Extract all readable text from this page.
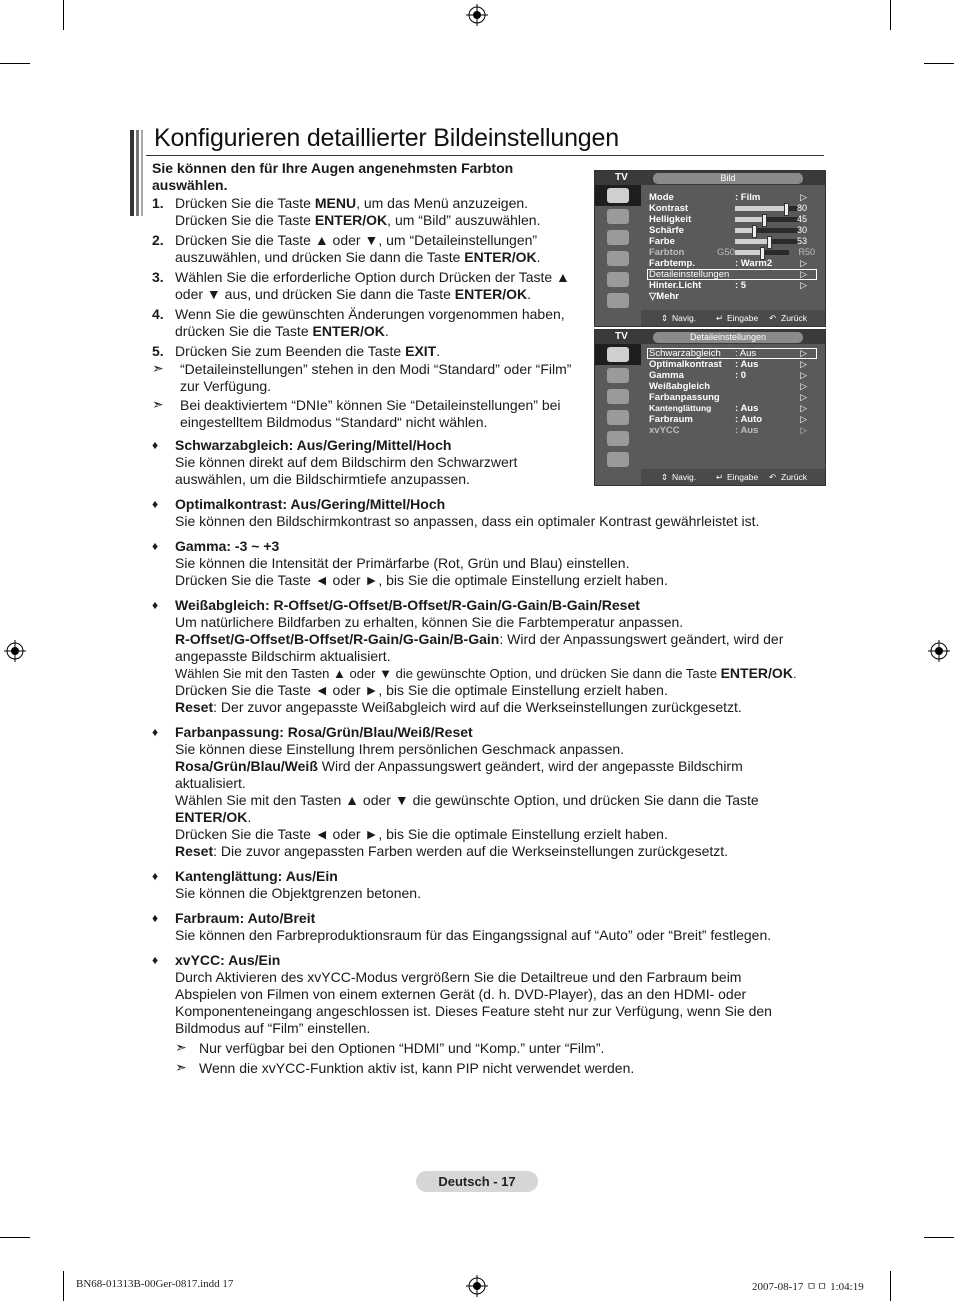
Konfigurieren detaillierter Bildeinstellungen
Sie können den für Ihre Augen angenehmsten Farbton auswählen.
1. Drücken Sie die Taste MENU, um das Menü anzuzeigen. Drücken Sie die Taste ENTER/OK, um “Bild” auszuwählen.
2. Drücken Sie die Taste ▲ oder ▼, um “Detaileinstellungen” auszuwählen, und drücken Sie dann die Taste ENTER/OK.
3. Wählen Sie die erforderliche Option durch Drücken der Taste ▲ oder ▼ aus, und drücken Sie dann die Taste ENTER/OK.
4. Wenn Sie die gewünschten Änderungen vorgenommen haben, drücken Sie die Taste ENTER/OK.
5. Drücken Sie zum Beenden die Taste EXIT.
➣ “Detaileinstellungen” stehen in den Modi “Standard” oder “Film” zur Verfügung.
➣ Bei deaktiviertem “DNIe” können Sie “Detaileinstellungen” bei eingestelltem Bildmodus “Standard“ nicht wählen.
TV	Bild
Mode	: Film	▷
Kontrast	80
Helligkeit	45
Schärfe	30
Farbe	53
Farbton	G50	R50
Farbtemp.	: Warm2	▷
Detaileinstellungen	▷
Hinter.Licht	: 5	▷
▽Mehr
⇕ Navig. ↵ Eingabe ↶ Zurück
TV	Detaileinstellungen
Schwarzabgleich : Aus	▷
Optimalkontrast : Aus	▷
Gamma	: 0	▷
Weißabgleich	▷
Farbanpassung	▷
Kantenglättung : Aus	▷
Farbraum	: Auto	▷
xvYCC	: Aus	▷
⇕ Navig. ↵ Eingabe ↶ Zurück
♦ Schwarzabgleich: Aus/Gering/Mittel/Hoch
Sie können direkt auf dem Bildschirm den Schwarzwert auswählen, um die Bildschirmtiefe anzupassen.
♦ Optimalkontrast: Aus/Gering/Mittel/Hoch
Sie können den Bildschirmkontrast so anpassen, dass ein optimaler Kontrast gewährleistet ist.
♦ Gamma: -3 ~ +3
Sie können die Intensität der Primärfarbe (Rot, Grün und Blau) einstellen.
Drücken Sie die Taste ◄ oder ►, bis Sie die optimale Einstellung erzielt haben.
♦ Weißabgleich: R-Offset/G-Offset/B-Offset/R-Gain/G-Gain/B-Gain/Reset
Um natürlichere Bildfarben zu erhalten, können Sie die Farbtemperatur anpassen.
R-Offset/G-Offset/B-Offset/R-Gain/G-Gain/B-Gain: Wird der Anpassungswert geändert, wird der angepasste Bildschirm aktualisiert.
Wählen Sie mit den Tasten ▲ oder ▼ die gewünschte Option, und drücken Sie dann die Taste ENTER/OK.
Drücken Sie die Taste ◄ oder ►, bis Sie die optimale Einstellung erzielt haben.
Reset: Der zuvor angepasste Weißabgleich wird auf die Werkseinstellungen zurückgesetzt.
♦ Farbanpassung: Rosa/Grün/Blau/Weiß/Reset
Sie können diese Einstellung Ihrem persönlichen Geschmack anpassen.
Rosa/Grün/Blau/Weiß Wird der Anpassungswert geändert, wird der angepasste Bildschirm aktualisiert.
Wählen Sie mit den Tasten ▲ oder ▼ die gewünschte Option, und drücken Sie dann die Taste ENTER/OK.
Drücken Sie die Taste ◄ oder ►, bis Sie die optimale Einstellung erzielt haben.
Reset: Die zuvor angepassten Farben werden auf die Werkseinstellungen zurückgesetzt.
♦ Kantenglättung: Aus/Ein
Sie können die Objektgrenzen betonen.
♦ Farbraum: Auto/Breit
Sie können den Farbreproduktionsraum für das Eingangssignal auf “Auto” oder “Breit” festlegen.
♦ xvYCC: Aus/Ein
Durch Aktivieren des xvYCC-Modus vergrößern Sie die Detailtreue und den Farbraum beim Abspielen von Filmen von einem externen Gerät (d. h. DVD-Player), das an den HDMI- oder Komponenteneingang angeschlossen ist. Dieses Feature steht nur zur Verfügung, wenn Sie den Bildmodus auf “Film” einstellen.
➣ Nur verfügbar bei den Optionen “HDMI” und “Komp.” unter “Film”.
➣ Wenn die xvYCC-Funktion aktiv ist, kann PIP nicht verwendet werden.
Deutsch - 17
BN68-01313B-00Ger-0817.indd 17	2007-08-17 ㅁㅁ 1:04:19
